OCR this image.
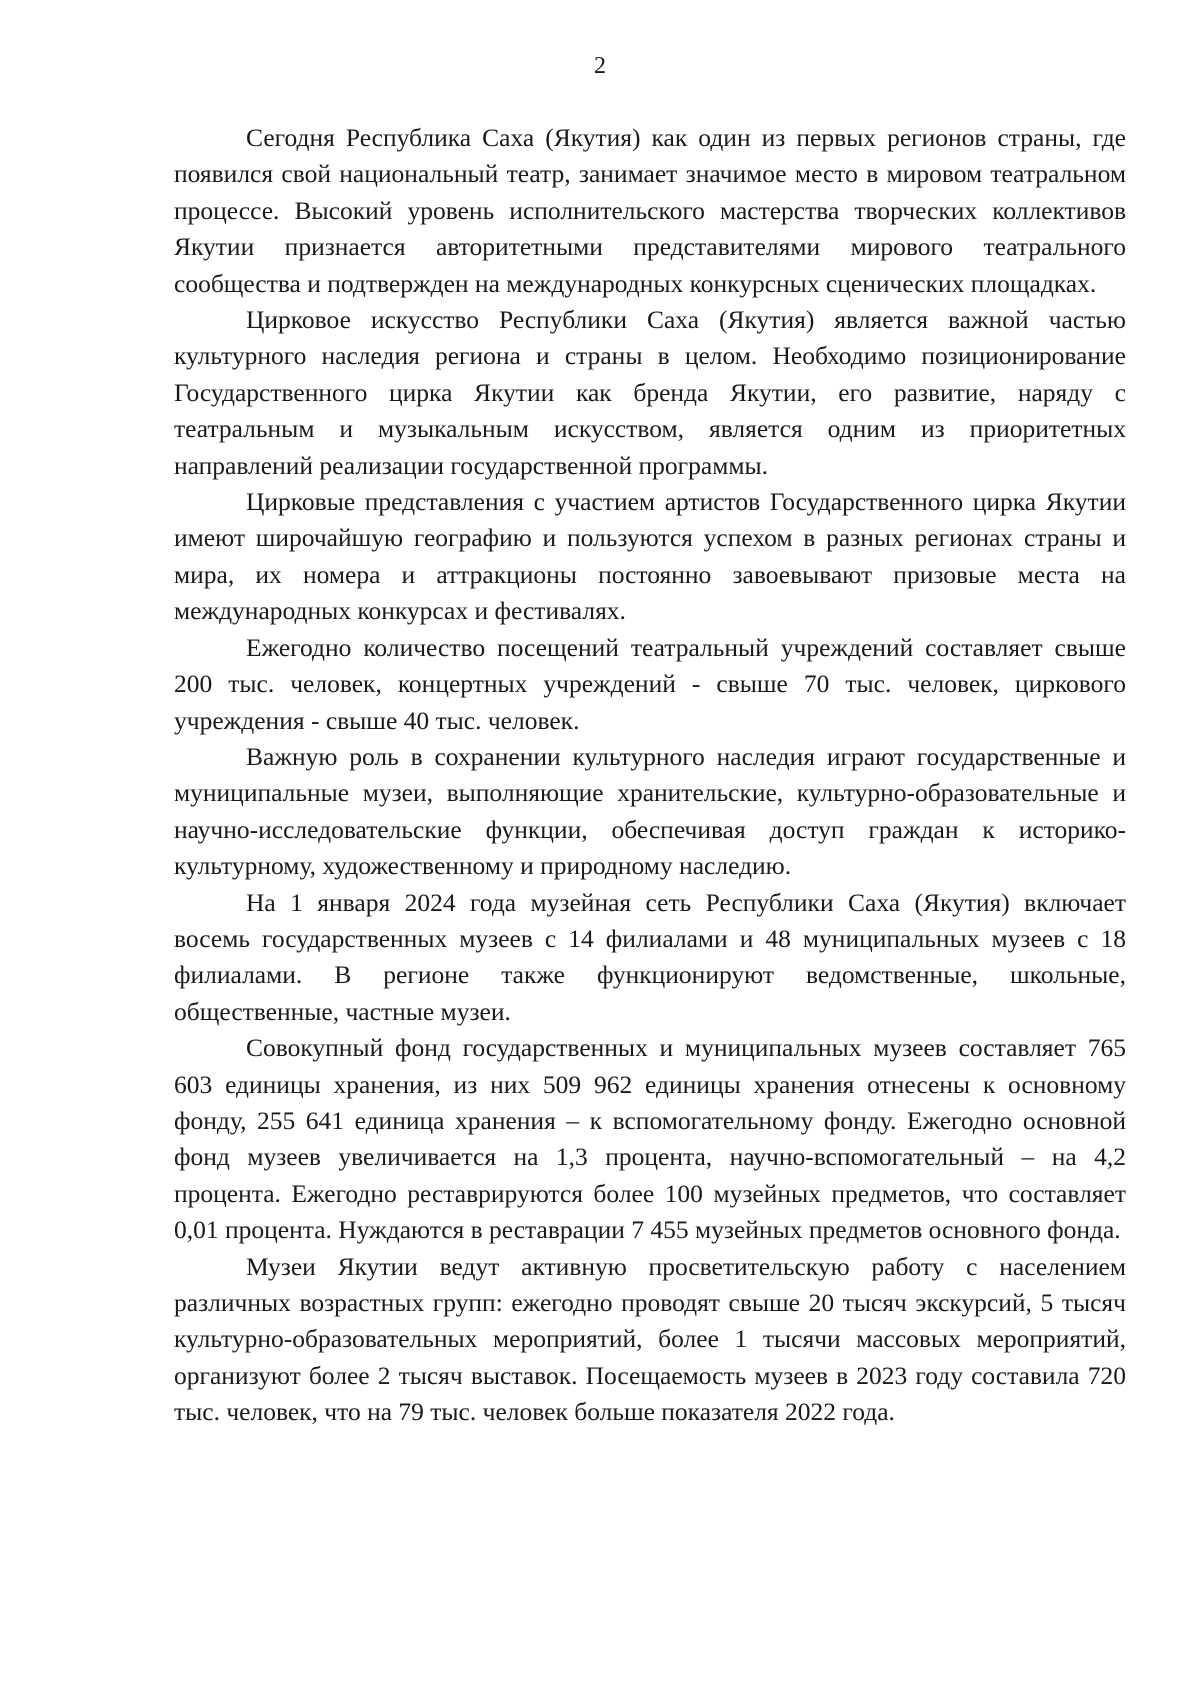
2

Сегодня Республика Саха (Якутия) как один из первых регионов страны, где появился свой национальный театр, занимает значимое место в мировом театральном процессе. Высокий уровень исполнительского мастерства творческих коллективов Якутии признается авторитетными представителями мирового театрального сообщества и подтвержден на международных конкурсных сценических площадках.

Цирковое искусство Республики Саха (Якутия) является важной частью культурного наследия региона и страны в целом. Необходимо позиционирование Государственного цирка Якутии как бренда Якутии, его развитие, наряду с театральным и музыкальным искусством, является одним из приоритетных направлений реализации государственной программы.

Цирковые представления с участием артистов Государственного цирка Якутии имеют широчайшую географию и пользуются успехом в разных регионах страны и мира, их номера и аттракционы постоянно завоевывают призовые места на международных конкурсах и фестивалях.

Ежегодно количество посещений театральный учреждений составляет свыше 200 тыс. человек, концертных учреждений - свыше 70 тыс. человек, циркового учреждения - свыше 40 тыс. человек.

Важную роль в сохранении культурного наследия играют государственные и муниципальные музеи, выполняющие хранительские, культурно-образовательные и научно-исследовательские функции, обеспечивая доступ граждан к историко-культурному, художественному и природному наследию.

На 1 января 2024 года музейная сеть Республики Саха (Якутия) включает восемь государственных музеев с 14 филиалами и 48 муниципальных музеев с 18 филиалами. В регионе также функционируют ведомственные, школьные, общественные, частные музеи.

Совокупный фонд государственных и муниципальных музеев составляет 765 603 единицы хранения, из них 509 962 единицы хранения отнесены к основному фонду, 255 641 единица хранения – к вспомогательному фонду. Ежегодно основной фонд музеев увеличивается на 1,3 процента, научно-вспомогательный – на 4,2 процента. Ежегодно реставрируются более 100 музейных предметов, что составляет 0,01 процента. Нуждаются в реставрации 7 455 музейных предметов основного фонда.

Музеи Якутии ведут активную просветительскую работу с населением различных возрастных групп: ежегодно проводят свыше 20 тысяч экскурсий, 5 тысяч культурно-образовательных мероприятий, более 1 тысячи массовых мероприятий, организуют более 2 тысяч выставок. Посещаемость музеев в 2023 году составила 720 тыс. человек, что на 79 тыс. человек больше показателя 2022 года.
